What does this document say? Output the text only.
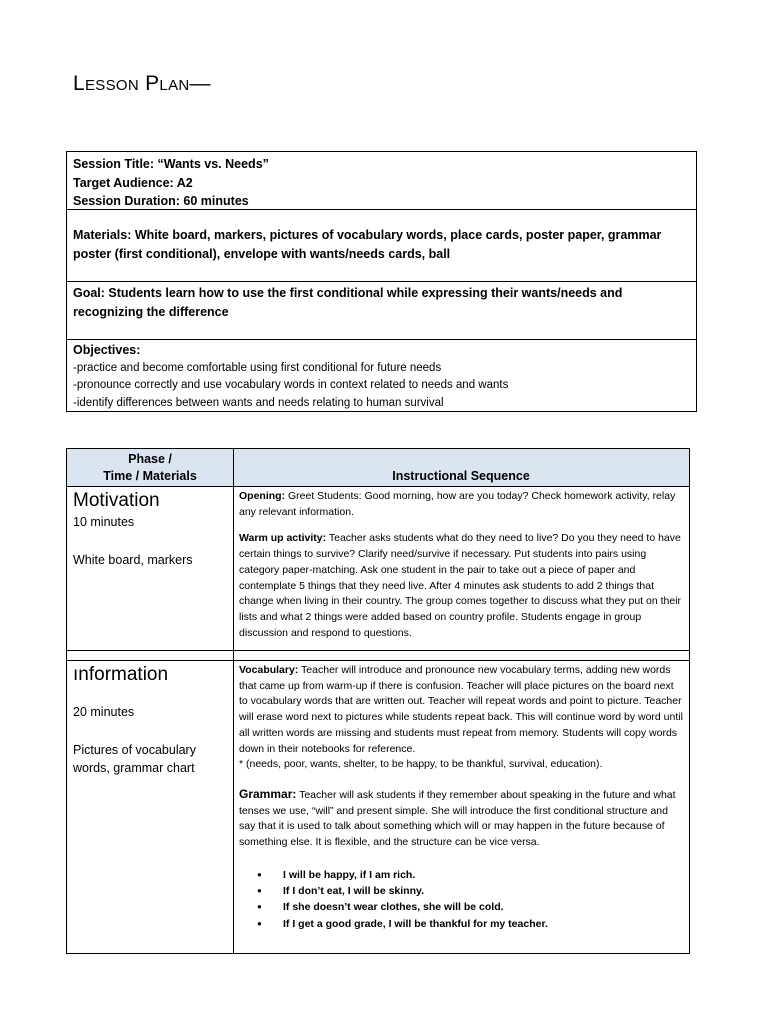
Lesson Plan—

Session Title: “Wants vs. Needs”

Target Audience: A2

Session Duration: 60 minutes

Materials: White board, markers, pictures of vocabulary words, place cards, poster paper, grammar poster (first conditional), envelope with wants/needs cards, ball

Goal: Students learn how to use the first conditional while expressing their wants/needs and recognizing the difference

Objectives:

-practice and become comfortable using first conditional for future needs

-pronounce correctly and use vocabulary words in context related to needs and wants

-identify differences between wants and needs relating to human survival

Phase /
Time / Materials	Instructional Sequence

Motivation

10 minutes

White board, markers

Opening: Greet Students: Good morning, how are you today? Check homework activity, relay any relevant information.

Warm up activity: Teacher asks students what do they need to live? Do you they need to have certain things to survive? Clarify need/survive if necessary. Put students into pairs using category paper-matching. Ask one student in the pair to take out a piece of paper and contemplate 5 things that they need live. After 4 minutes ask students to add 2 things that change when living in their country. The group comes together to discuss what they put on their lists and what 2 things were added based on country profile. Students engage in group discussion and respond to questions.

ınformation

20 minutes

Pictures of vocabulary words, grammar chart

Vocabulary: Teacher will introduce and pronounce new vocabulary terms, adding new words that came up from warm-up if there is confusion. Teacher will place pictures on the board next to vocabulary words that are written out. Teacher will repeat words and point to picture. Teacher will erase word next to pictures while students repeat back. This will continue word by word until all written words are missing and students must repeat from memory. Students will copy words down in their notebooks for reference.

* (needs, poor, wants, shelter, to be happy, to be thankful, survival, education).

Grammar: Teacher will ask students if they remember about speaking in the future and what tenses we use, “will” and present simple. She will introduce the first conditional structure and say that it is used to talk about something which will or may happen in the future because of something else. It is flexible, and the structure can be vice versa.

● I will be happy, if I am rich.
● If I don’t eat, I will be skinny.
● If she doesn’t wear clothes, she will be cold.
● If I get a good grade, I will be thankful for my teacher.
